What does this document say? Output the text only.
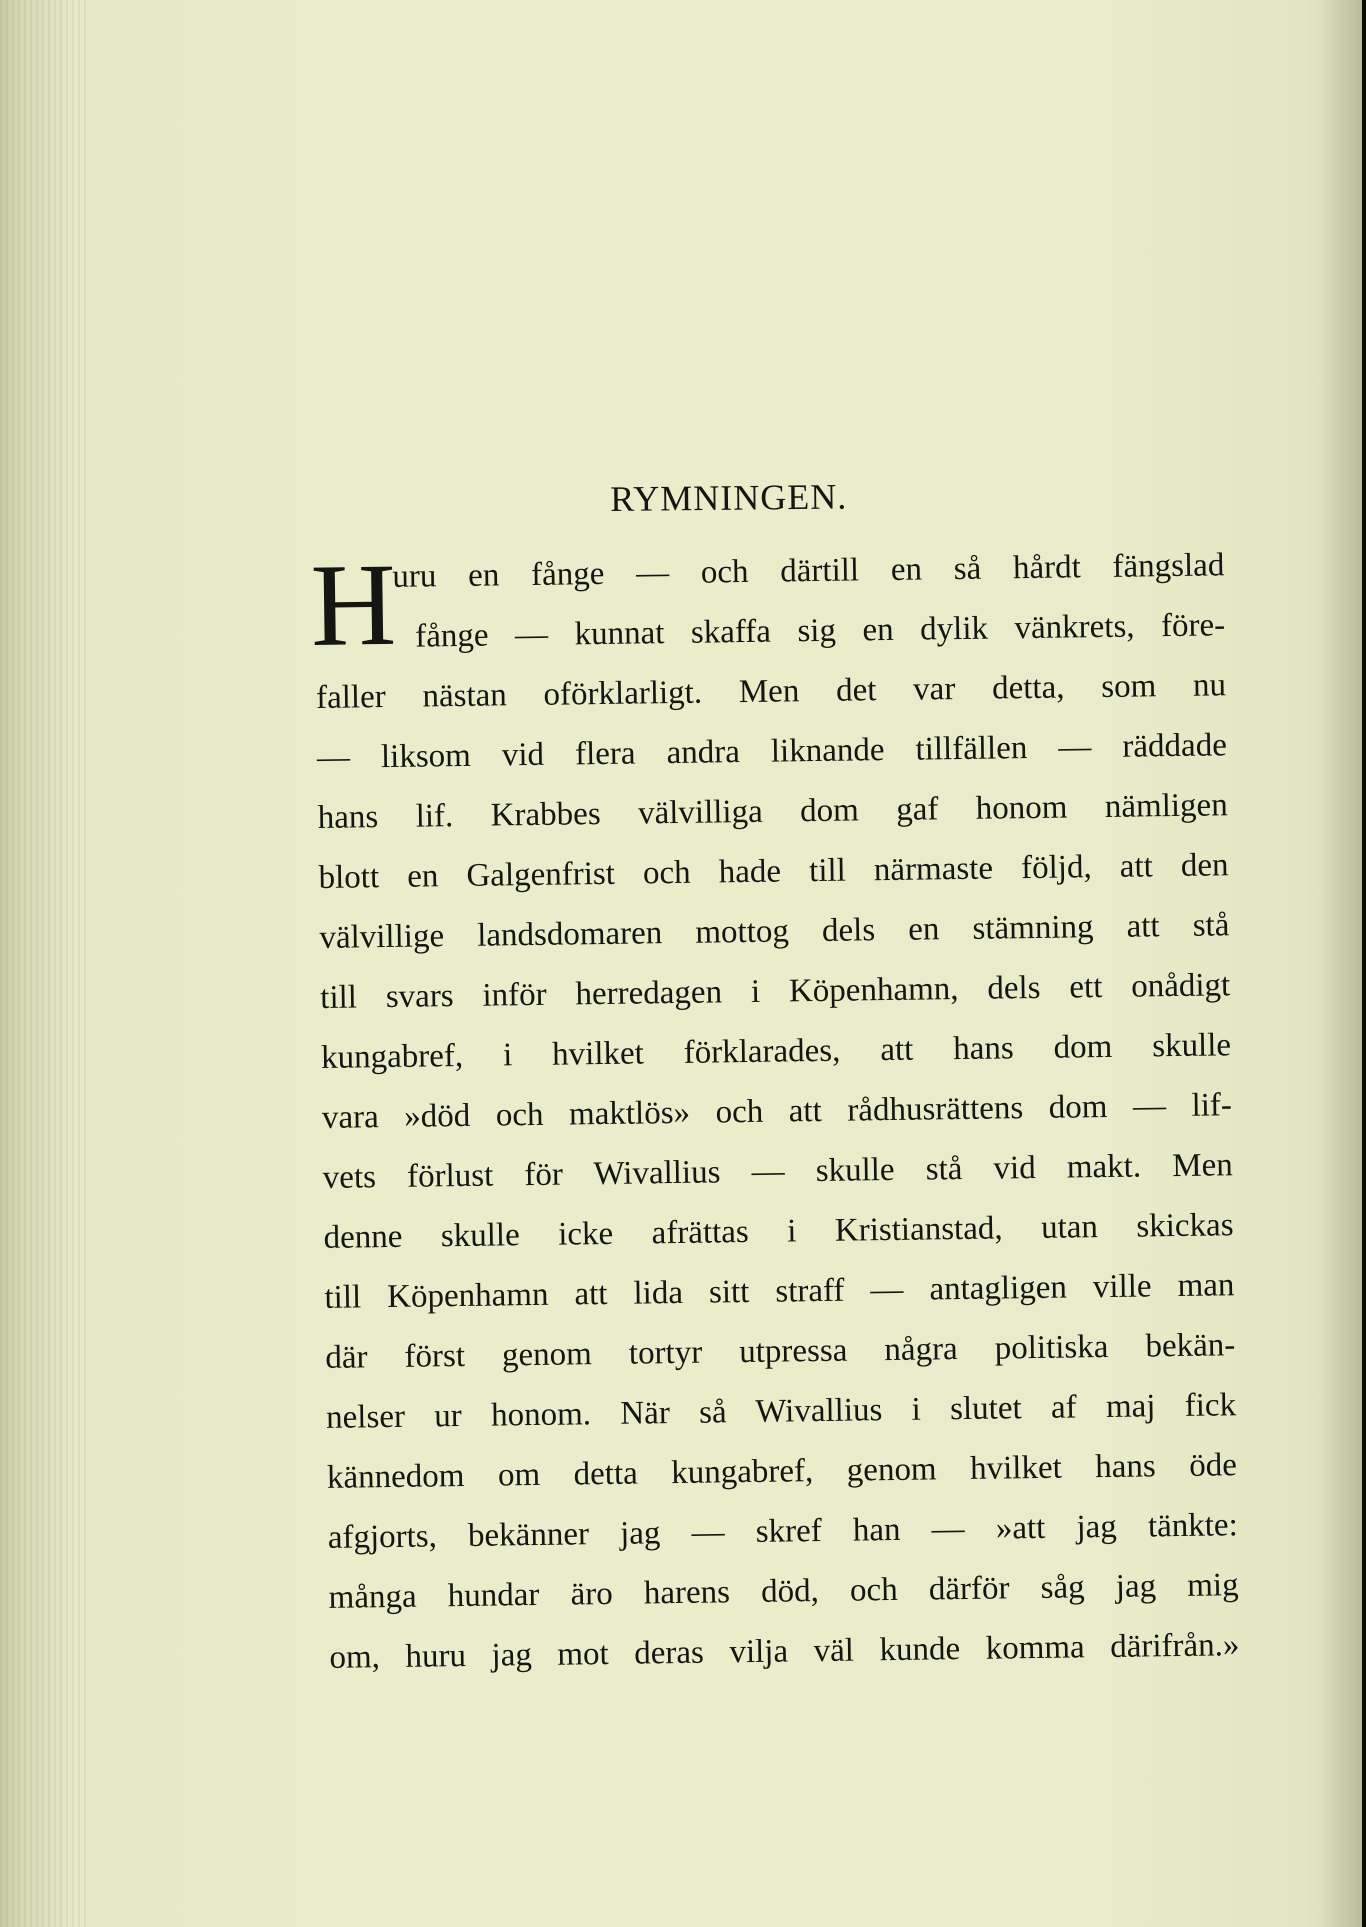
RYMNINGEN.
H
uru en fånge — och därtill en så hårdt fängslad
fånge — kunnat skaffa sig en dylik vänkrets, före-
faller nästan oförklarligt. Men det var detta, som nu
— liksom vid flera andra liknande tillfällen — räddade
hans lif. Krabbes välvilliga dom gaf honom nämligen
blott en Galgenfrist och hade till närmaste följd, att den
välvillige landsdomaren mottog dels en stämning att stå
till svars inför herredagen i Köpenhamn, dels ett onådigt
kungabref, i hvilket förklarades, att hans dom skulle
vara »död och maktlös» och att rådhusrättens dom — lif-
vets förlust för Wivallius — skulle stå vid makt. Men
denne skulle icke afrättas i Kristianstad, utan skickas
till Köpenhamn att lida sitt straff — antagligen ville man
där först genom tortyr utpressa några politiska bekän-
nelser ur honom. När så Wivallius i slutet af maj fick
kännedom om detta kungabref, genom hvilket hans öde
afgjorts, bekänner jag — skref han — »att jag tänkte:
många hundar äro harens död, och därför såg jag mig
om, huru jag mot deras vilja väl kunde komma därifrån.»
